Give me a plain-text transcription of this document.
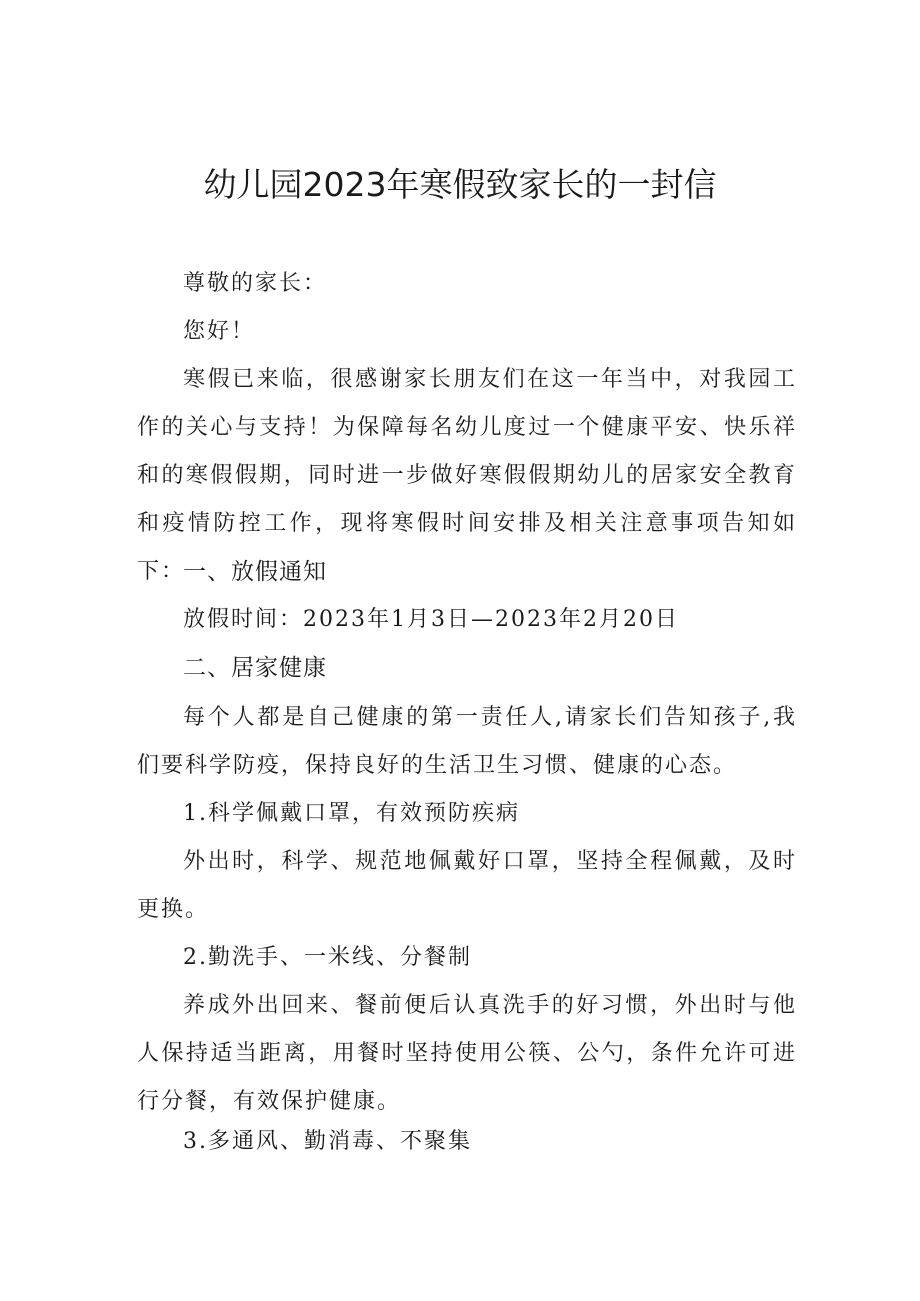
幼儿园2023年寒假致家长的一封信
尊敬的家长：
您好！
寒假已来临，很感谢家长朋友们在这一年当中，对我园工作的关心与支持！为保障每名幼儿度过一个健康平安、快乐祥和的寒假假期，同时进一步做好寒假假期幼儿的居家安全教育和疫情防控工作，现将寒假时间安排及相关注意事项告知如下：
一、放假通知
放假时间：2023年1月3日—2023年2月20日
二、居家健康
每个人都是自己健康的第一责任人,请家长们告知孩子,我们要科学防疫，保持良好的生活卫生习惯、健康的心态。
1.科学佩戴口罩，有效预防疾病
外出时，科学、规范地佩戴好口罩，坚持全程佩戴，及时更换。
2.勤洗手、一米线、分餐制
养成外出回来、餐前便后认真洗手的好习惯，外出时与他人保持适当距离，用餐时坚持使用公筷、公勺，条件允许可进行分餐，有效保护健康。
3.多通风、勤消毒、不聚集
